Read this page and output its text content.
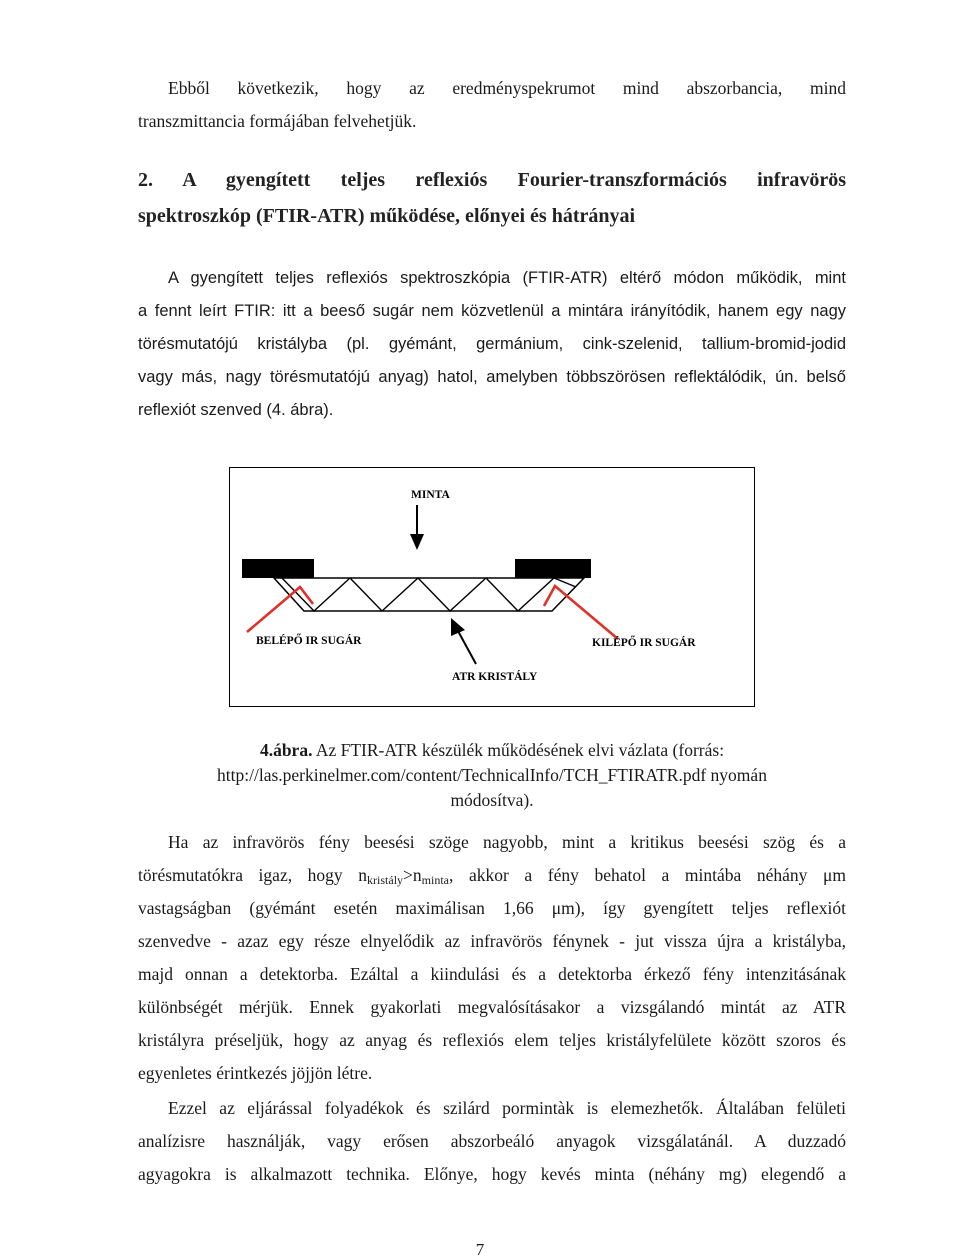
Ebből következik, hogy az eredményspekrumot mind abszorbancia, mind
transzmittancia formájában felvehetjük.
2. A gyengített teljes reflexiós Fourier-transzformációs infravörös
spektroszkóp (FTIR-ATR) működése, előnyei és hátrányai
A gyengített teljes reflexiós spektroszkópia (FTIR-ATR) eltérő módon működik, mint
a fennt leírt FTIR: itt a beeső sugár nem közvetlenül a mintára irányítódik, hanem egy nagy
törésmutatójú kristályba (pl. gyémánt, germánium, cink-szelenid, tallium-bromid-jodid
vagy más, nagy törésmutatójú anyag) hatol, amelyben többszörösen reflektálódik, ún. belső
reflexiót szenved (4. ábra).
MINTA
BELÉPŐ IR SUGÁR	KILÉPŐ IR SUGÁR
ATR KRISTÁLY
4.ábra. Az FTIR-ATR készülék működésének elvi vázlata (forrás:
http://las.perkinelmer.com/content/TechnicalInfo/TCH_FTIRATR.pdf nyomán
módosítva).
Ha az infravörös fény beesési szöge nagyobb, mint a kritikus beesési szög és a
törésmutatókra igaz, hogy $n_{kristály}>n_{minta}$, akkor a fény behatol a mintába néhány μm
vastagságban (gyémánt esetén maximálisan 1,66 μm), így gyengített teljes reflexiót
szenvedve - azaz egy része elnyelődik az infravörös fénynek - jut vissza újra a kristályba,
majd onnan a detektorba. Ezáltal a kiindulási és a detektorba érkező fény intenzitásának
különbségét mérjük. Ennek gyakorlati megvalósításakor a vizsgálandó mintát az ATR
kristályra préseljük, hogy az anyag és reflexiós elem teljes kristályfelülete között szoros és
egyenletes érintkezés jöjjön létre.
Ezzel az eljárással folyadékok és szilárd pormintàk is elemezhetők. Általában felületi
analízisre használják, vagy erősen abszorbeáló anyagok vizsgálatánál. A duzzadó
agyagokra is alkalmazott technika. Előnye, hogy kevés minta (néhány mg) elegendő a
7
